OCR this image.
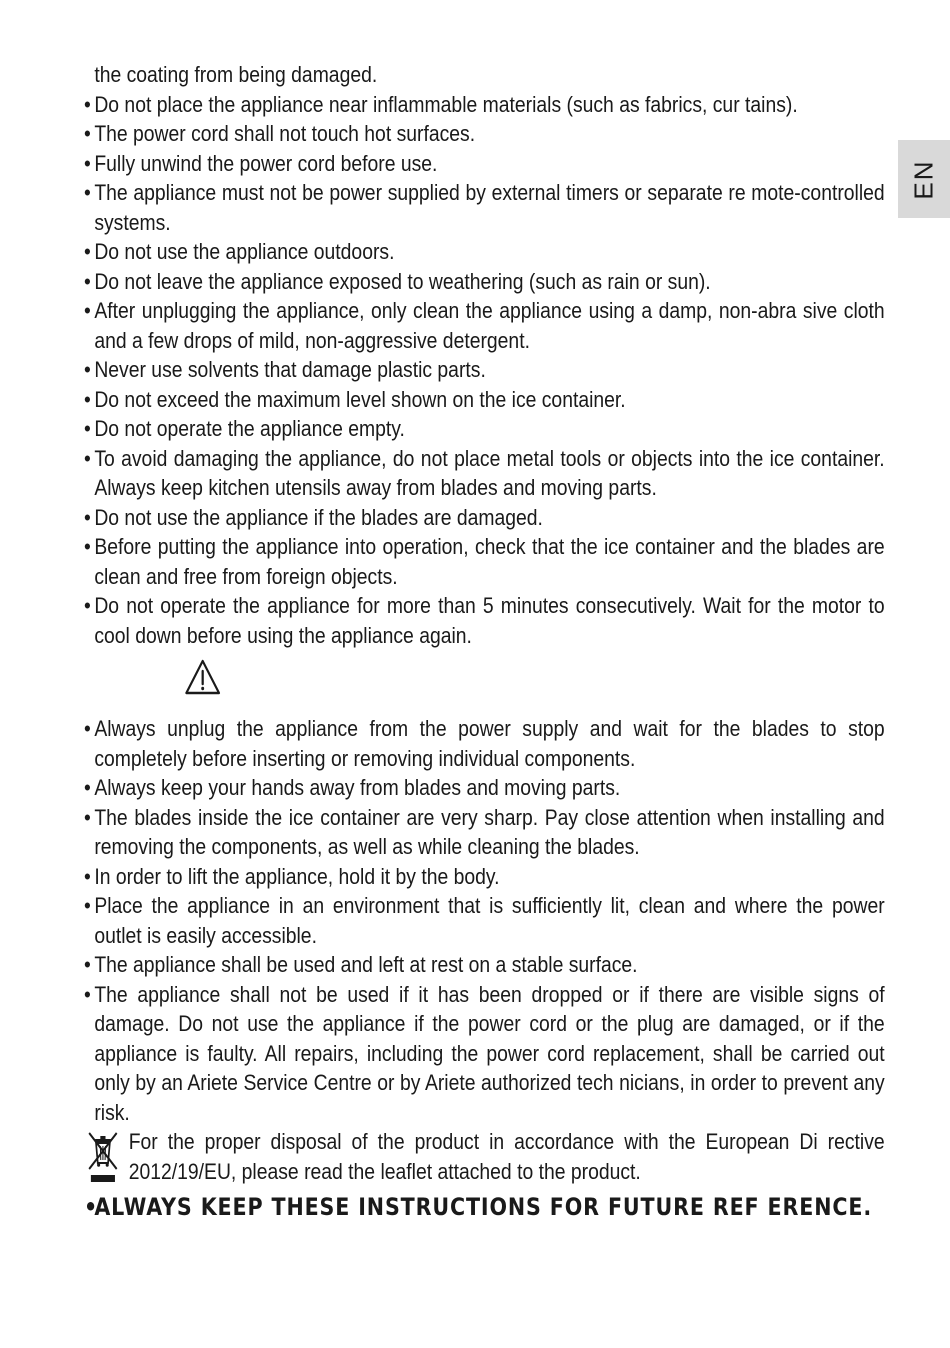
EN
the coating from being damaged.
• Do not place the appliance near inflammable materials (such as fabrics, cur tains).
• The power cord shall not touch hot surfaces.
• Fully unwind the power cord before use.
• The appliance must not be power supplied by external timers or separate re mote-controlled systems.
• Do not use the appliance outdoors.
• Do not leave the appliance exposed to weathering (such as rain or sun).
• After unplugging the appliance, only clean the appliance using a damp, non-abra sive cloth and a few drops of mild, non-aggressive detergent.
• Never use solvents that damage plastic parts.
• Do not exceed the maximum level shown on the ice container.
• Do not operate the appliance empty.
• To avoid damaging the appliance, do not place metal tools or objects into the ice container. Always keep kitchen utensils away from blades and moving parts.
• Do not use the appliance if the blades are damaged.
• Before putting the appliance into operation, check that the ice container and the blades are clean and free from foreign objects.
• Do not operate the appliance for more than 5 minutes consecutively. Wait for the motor to cool down before using the appliance again.
• Always unplug the appliance from the power supply and wait for the blades to stop completely before inserting or removing individual components.
• Always keep your hands away from blades and moving parts.
• The blades inside the ice container are very sharp. Pay close attention when installing and removing the components, as well as while cleaning the blades.
• In order to lift the appliance, hold it by the body.
• Place the appliance in an environment that is sufficiently lit, clean and where the power outlet is easily accessible.
• The appliance shall be used and left at rest on a stable surface.
• The appliance shall not be used if it has been dropped or if there are visible signs of damage. Do not use the appliance if the power cord or the plug are damaged, or if the appliance is faulty. All repairs, including the power cord replacement, shall be carried out only by an Ariete Service Centre or by Ariete authorized tech nicians, in order to prevent any risk.
For the proper disposal of the product in accordance with the European Di rective 2012/19/EU, please read the leaflet attached to the product.
•
ALWAYS KEEP THESE INSTRUCTIONS FOR FUTURE REF ERENCE.
